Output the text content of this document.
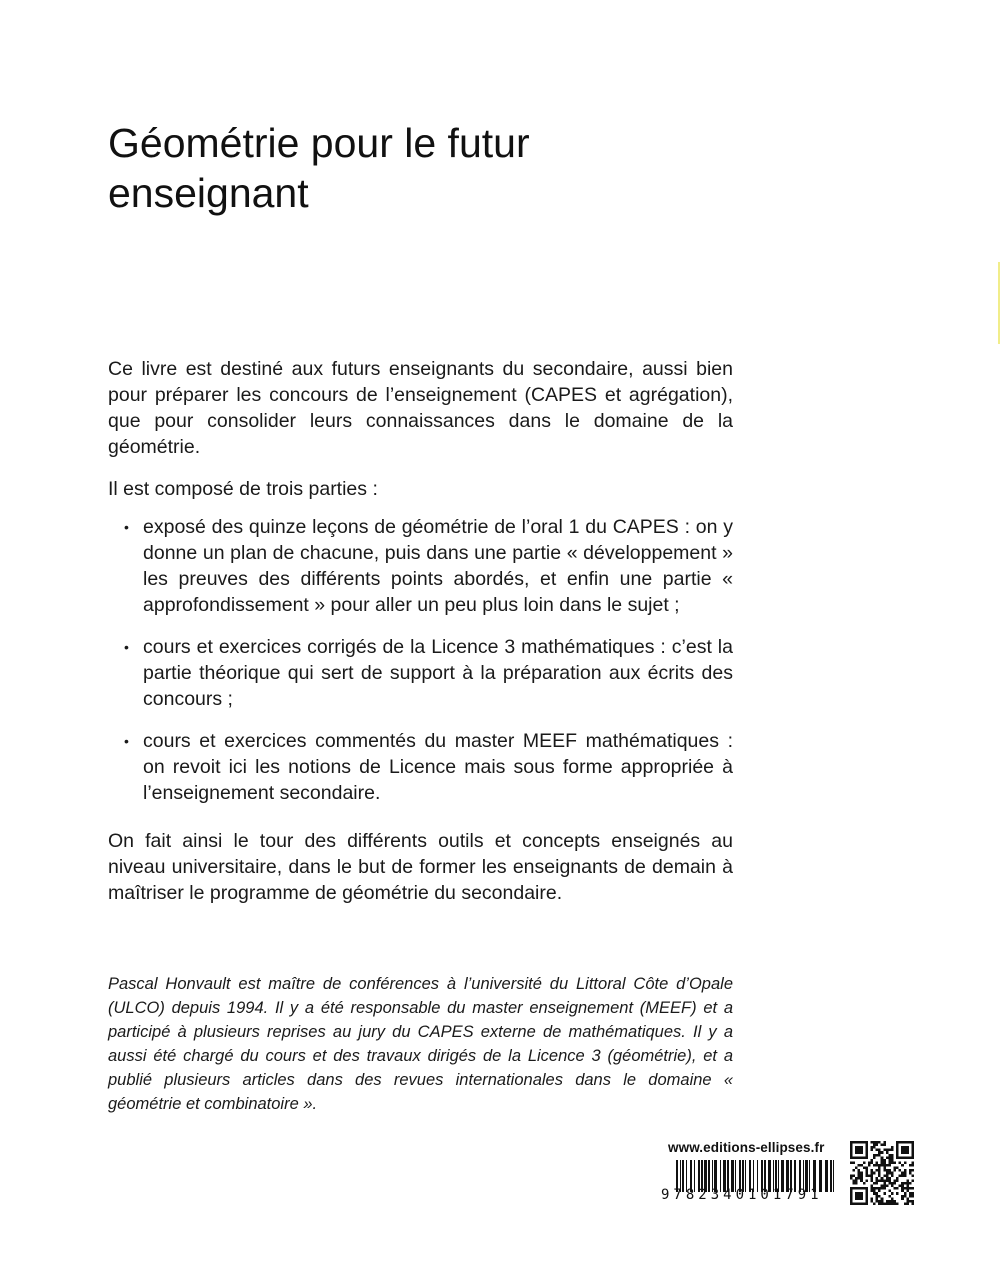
Géométrie pour le futur
enseignant

Ce livre est destiné aux futurs enseignants du secondaire, aussi bien pour préparer les concours de l’enseignement (CAPES et agrégation), que pour consolider leurs connaissances dans le domaine de la géométrie.

Il est composé de trois parties :

• exposé des quinze leçons de géométrie de l’oral 1 du CAPES : on y donne un plan de chacune, puis dans une partie « développement » les preuves des différents points abordés, et enfin une partie « approfondissement » pour aller un peu plus loin dans le sujet ;
• cours et exercices corrigés de la Licence 3 mathématiques : c’est la partie théorique qui sert de support à la préparation aux écrits des concours ;
• cours et exercices commentés du master MEEF mathématiques : on revoit ici les notions de Licence mais sous forme appropriée à l’enseignement secondaire.

On fait ainsi le tour des différents outils et concepts enseignés au niveau universitaire, dans le but de former les enseignants de demain à maîtriser le programme de géométrie du secondaire.

Pascal Honvault est maître de conférences à l’université du Littoral Côte d’Opale (ULCO) depuis 1994. Il y a été responsable du master enseignement (MEEF) et a participé à plusieurs reprises au jury du CAPES externe de mathématiques. Il y a aussi été chargé du cours et des travaux dirigés de la Licence 3 (géométrie), et a publié plusieurs articles dans des revues internationales dans le domaine « géométrie et combinatoire ».

www.editions-ellipses.fr
9782340101791
